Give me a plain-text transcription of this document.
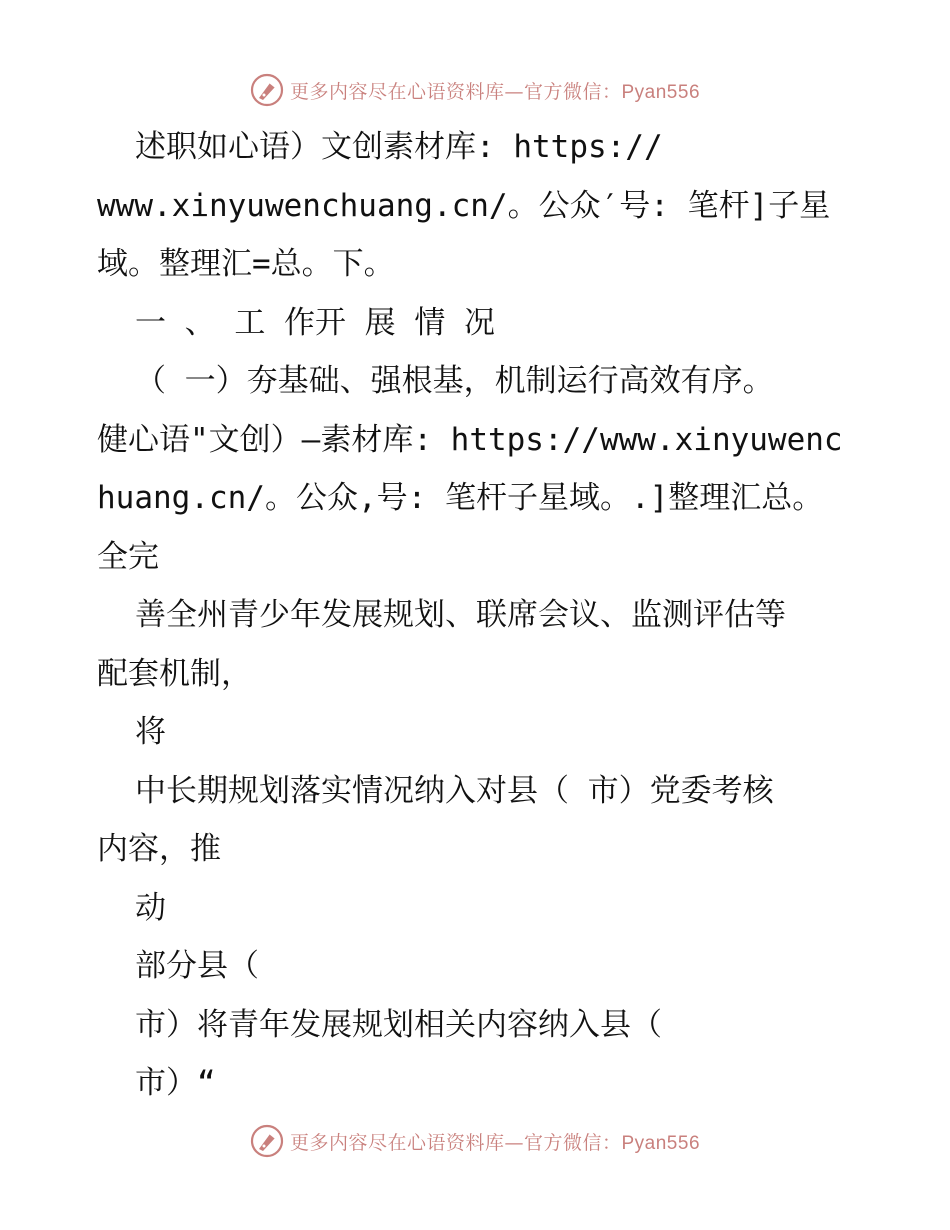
更多内容尽在心语资料库—官方微信：Pyan556
述职如心语）文创素材库: https://
www.xinyuwenchuang.cn/。公众′号: 笔杆]子星
域。整理汇=总。下。
一 、 工 作开 展 情 况
（ 一）夯基础、强根基，机制运行高效有序。
健心语"文创）—素材库: https://www.xinyuwenc
huang.cn/。公众,号: 笔杆子星域。.]整理汇总。
全完
善全州青少年发展规划、联席会议、监测评估等
配套机制，
将
中长期规划落实情况纳入对县（ 市）党委考核
内容，推
动
部分县（
市）将青年发展规划相关内容纳入县（
市）“
更多内容尽在心语资料库—官方微信：Pyan556
